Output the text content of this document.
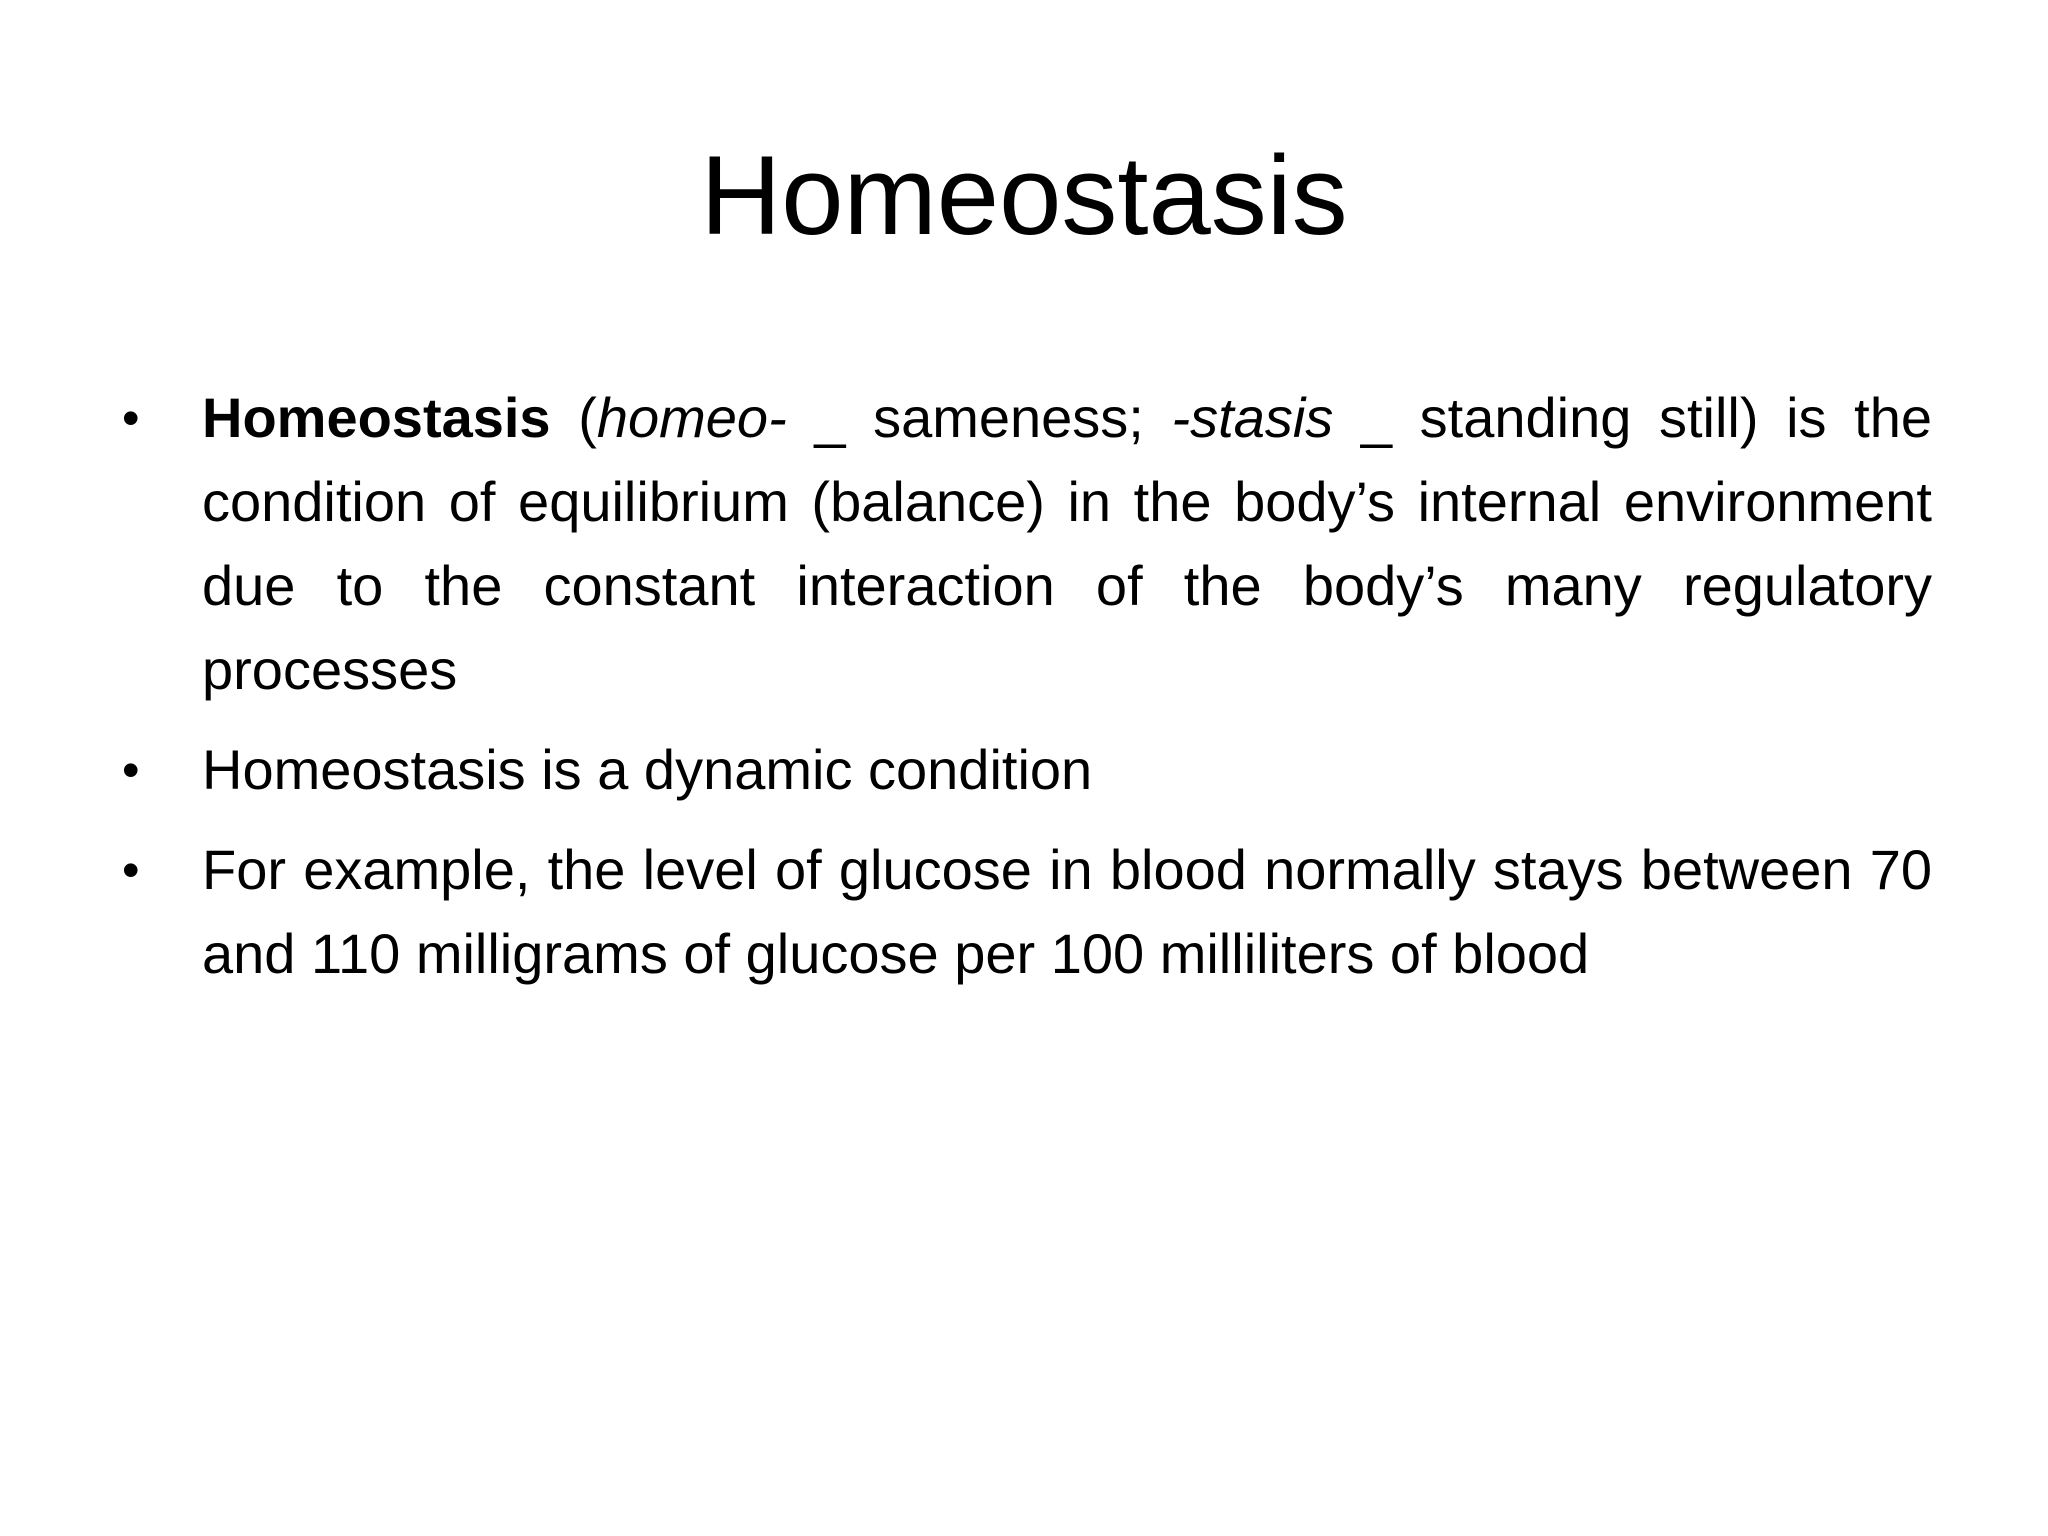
Homeostasis
•	Homeostasis (homeo- _ sameness; -stasis _ standing still) is the condition of equilibrium (balance) in the body’s internal environment due to the constant interaction of the body’s many regulatory processes
•	Homeostasis is a dynamic condition
•	For example, the level of glucose in blood normally stays between 70 and 110 milligrams of glucose per 100 milliliters of blood
